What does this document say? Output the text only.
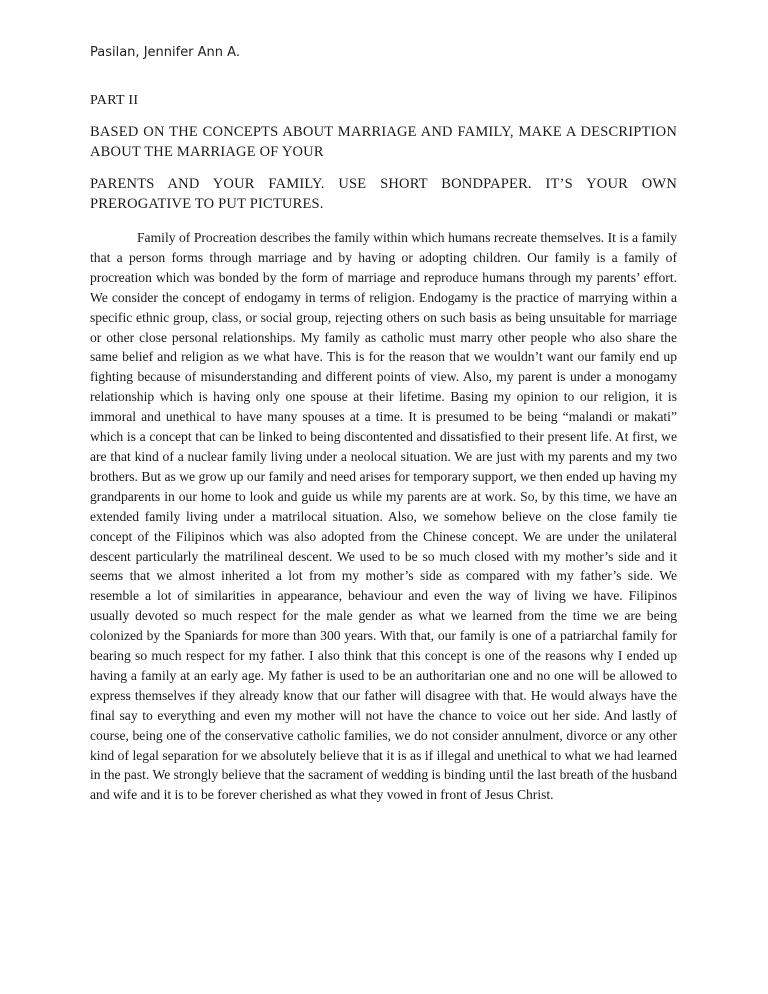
Pasilan, Jennifer Ann A.
PART II
BASED ON THE CONCEPTS ABOUT MARRIAGE AND FAMILY, MAKE A DESCRIPTION ABOUT THE MARRIAGE OF YOUR
PARENTS AND YOUR FAMILY. USE SHORT BONDPAPER. IT’S YOUR OWN PREROGATIVE TO PUT PICTURES.

Family of Procreation describes the family within which humans recreate themselves. It is a family that a person forms through marriage and by having or adopting children. Our family is a family of procreation which was bonded by the form of marriage and reproduce humans through my parents’ effort. We consider the concept of endogamy in terms of religion. Endogamy is the practice of marrying within a specific ethnic group, class, or social group, rejecting others on such basis as being unsuitable for marriage or other close personal relationships. My family as catholic must marry other people who also share the same belief and religion as we what have. This is for the reason that we wouldn’t want our family end up fighting because of misunderstanding and different points of view. Also, my parent is under a monogamy relationship which is having only one spouse at their lifetime. Basing my opinion to our religion, it is immoral and unethical to have many spouses at a time. It is presumed to be being “malandi or makati” which is a concept that can be linked to being discontented and dissatisfied to their present life. At first, we are that kind of a nuclear family living under a neolocal situation. We are just with my parents and my two brothers. But as we grow up our family and need arises for temporary support, we then ended up having my grandparents in our home to look and guide us while my parents are at work. So, by this time, we have an extended family living under a matrilocal situation. Also, we somehow believe on the close family tie concept of the Filipinos which was also adopted from the Chinese concept. We are under the unilateral descent particularly the matrilineal descent. We used to be so much closed with my mother’s side and it seems that we almost inherited a lot from my mother’s side as compared with my father’s side. We resemble a lot of similarities in appearance, behaviour and even the way of living we have. Filipinos usually devoted so much respect for the male gender as what we learned from the time we are being colonized by the Spaniards for more than 300 years. With that, our family is one of a patriarchal family for bearing so much respect for my father. I also think that this concept is one of the reasons why I ended up having a family at an early age. My father is used to be an authoritarian one and no one will be allowed to express themselves if they already know that our father will disagree with that. He would always have the final say to everything and even my mother will not have the chance to voice out her side. And lastly of course, being one of the conservative catholic families, we do not consider annulment, divorce or any other kind of legal separation for we absolutely believe that it is as if illegal and unethical to what we had learned in the past. We strongly believe that the sacrament of wedding is binding until the last breath of the husband and wife and it is to be forever cherished as what they vowed in front of Jesus Christ.
